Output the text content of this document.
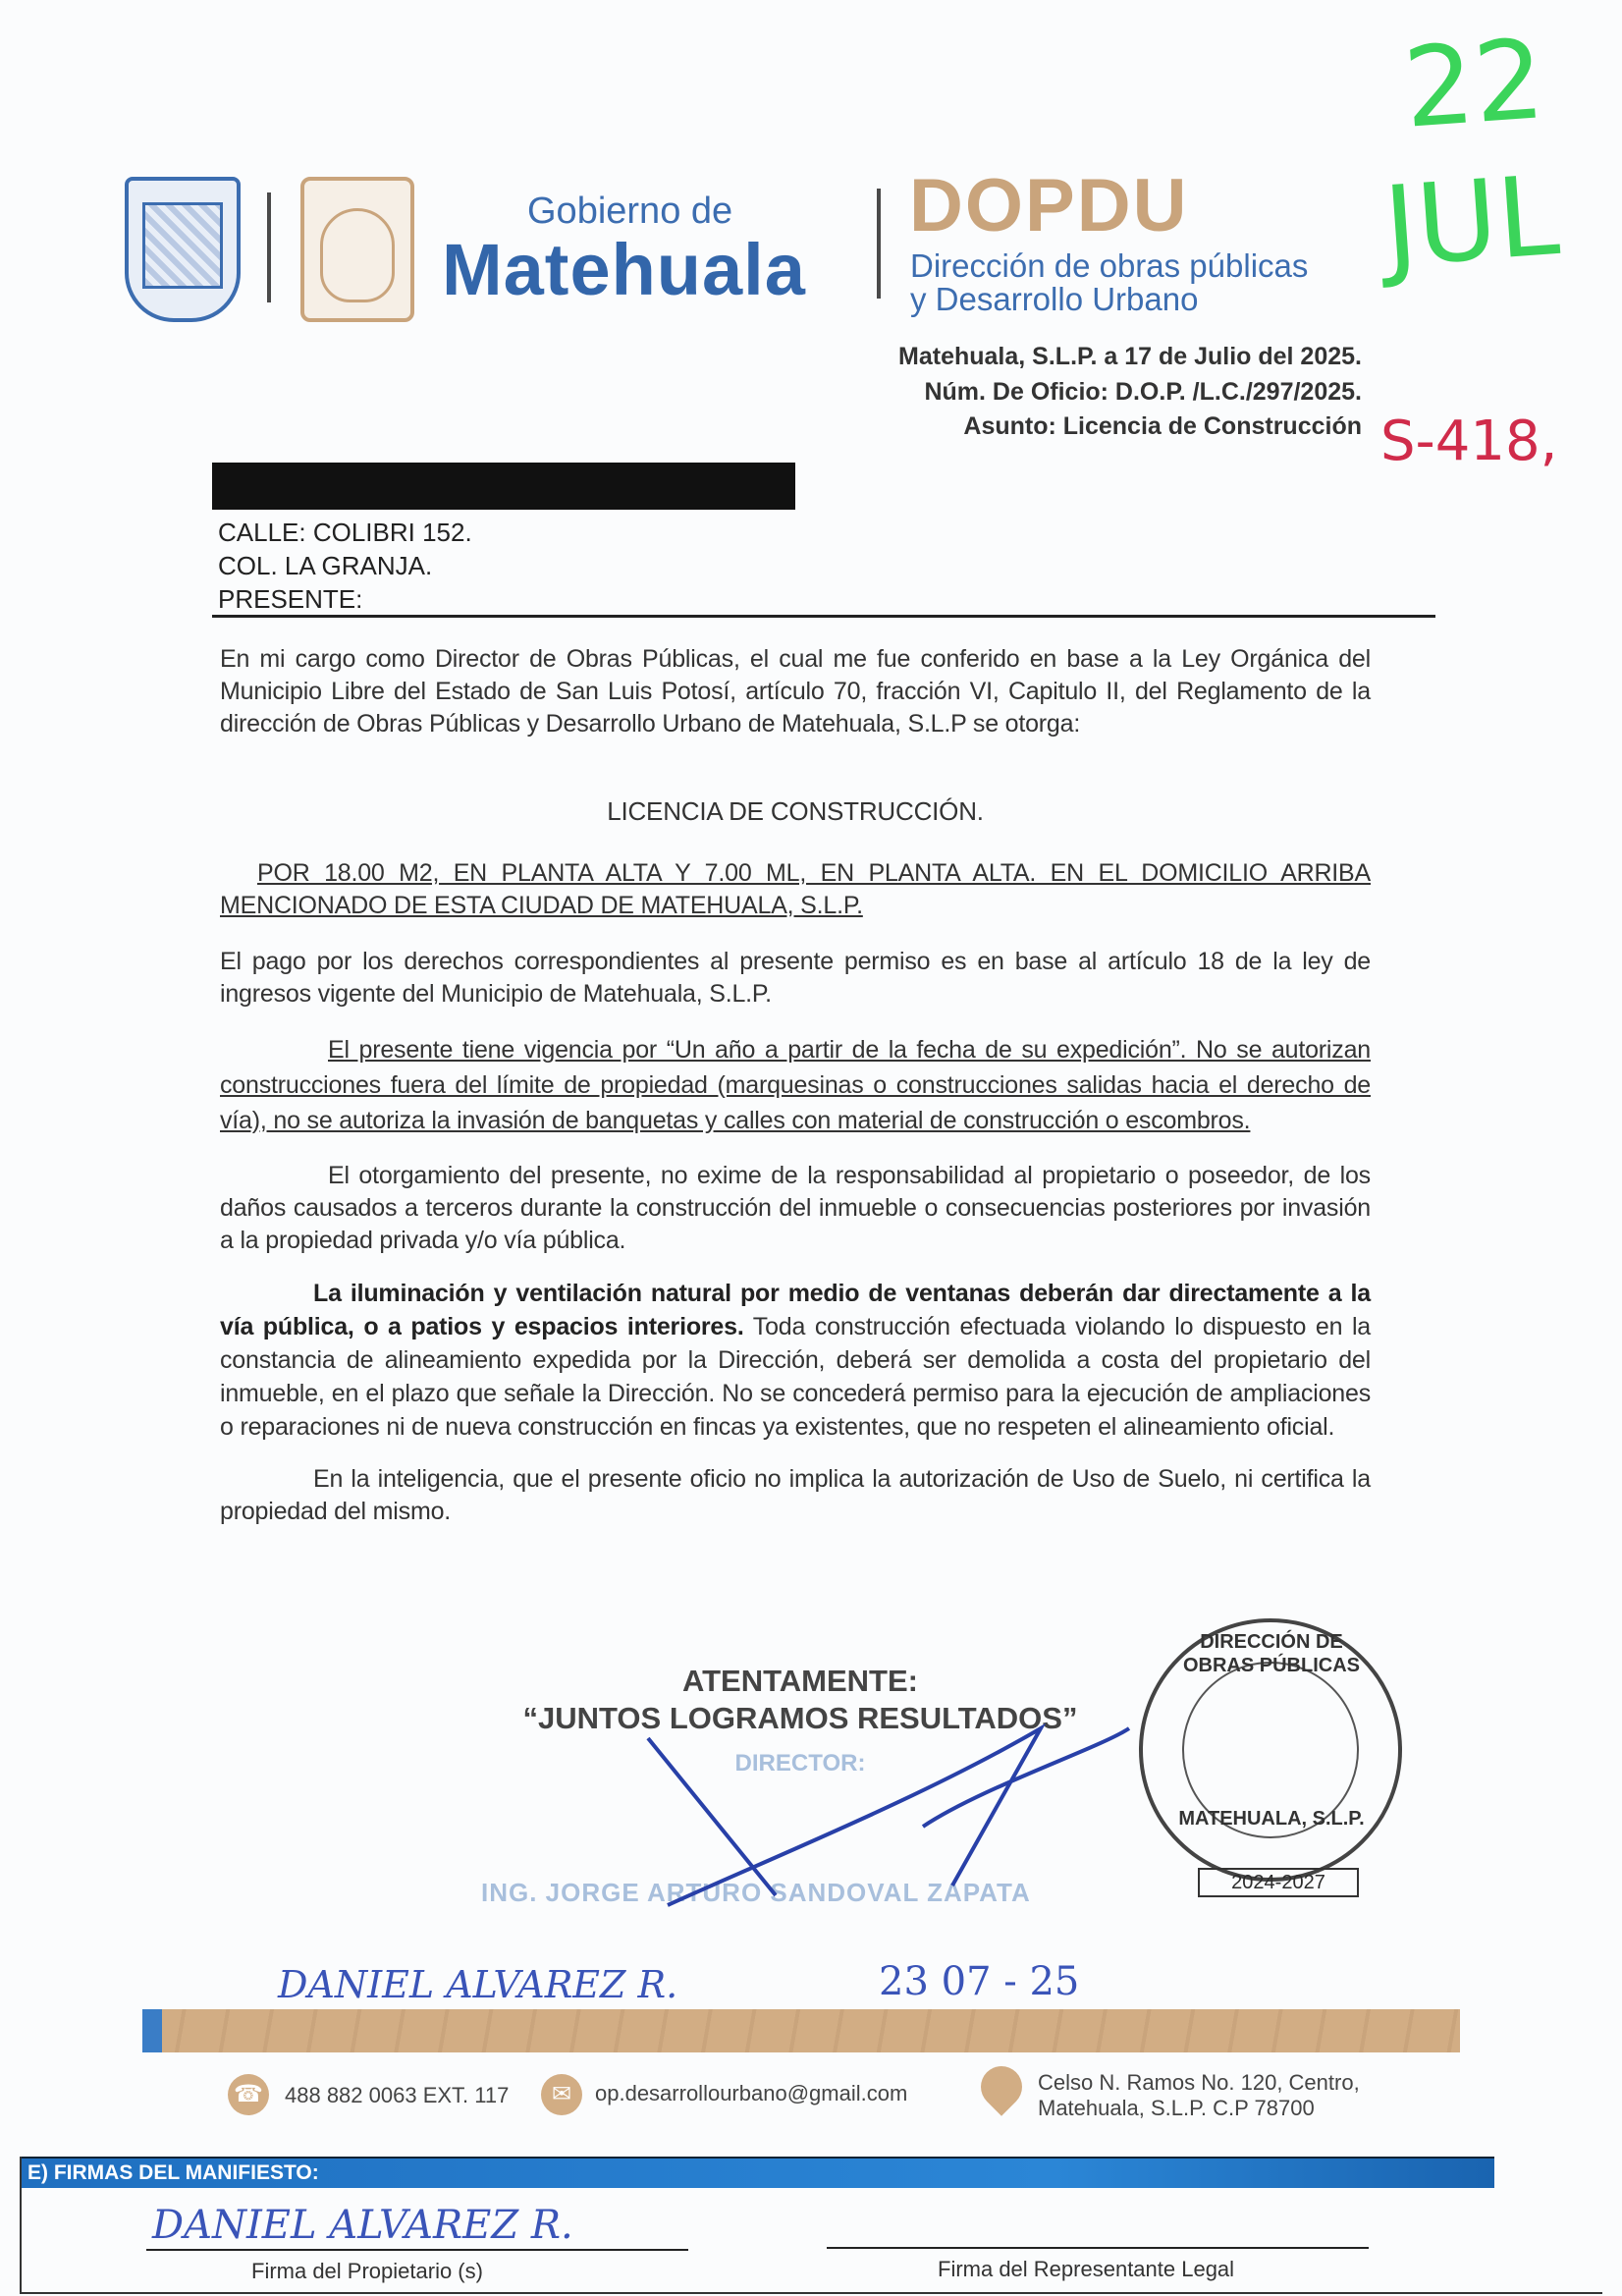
22
JUL
Gobierno de
Matehuala
DOPDU
Dirección de obras públicas
y Desarrollo Urbano
Matehuala, S.L.P. a 17 de Julio del 2025.
Núm. De Oficio: D.O.P. /L.C./297/2025.
Asunto: Licencia de Construcción S-418,
CALLE: COLIBRI 152.
COL. LA GRANJA.
PRESENTE:
En mi cargo como Director de Obras Públicas, el cual me fue conferido en base a la Ley Orgánica del Municipio Libre del Estado de San Luis Potosí, artículo 70, fracción VI, Capitulo II, del Reglamento de la dirección de Obras Públicas y Desarrollo Urbano de Matehuala, S.L.P se otorga:
LICENCIA DE CONSTRUCCIÓN.
POR 18.00 M2, EN PLANTA ALTA Y 7.00 ML, EN PLANTA ALTA. EN EL DOMICILIO ARRIBA MENCIONADO DE ESTA CIUDAD DE MATEHUALA, S.L.P.
El pago por los derechos correspondientes al presente permiso es en base al artículo 18 de la ley de ingresos vigente del Municipio de Matehuala, S.L.P.
El presente tiene vigencia por “Un año a partir de la fecha de su expedición”. No se autorizan construcciones fuera del límite de propiedad (marquesinas o construcciones salidas hacia el derecho de vía), no se autoriza la invasión de banquetas y calles con material de construcción o escombros.
El otorgamiento del presente, no exime de la responsabilidad al propietario o poseedor, de los daños causados a terceros durante la construcción del inmueble o consecuencias posteriores por invasión a la propiedad privada y/o vía pública.
La iluminación y ventilación natural por medio de ventanas deberán dar directamente a la vía pública, o a patios y espacios interiores. Toda construcción efectuada violando lo dispuesto en la constancia de alineamiento expedida por la Dirección, deberá ser demolida a costa del propietario del inmueble, en el plazo que señale la Dirección. No se concederá permiso para la ejecución de ampliaciones o reparaciones ni de nueva construcción en fincas ya existentes, que no respeten el alineamiento oficial.
En la inteligencia, que el presente oficio no implica la autorización de Uso de Suelo, ni certifica la propiedad del mismo.
ATENTAMENTE:
“JUNTOS LOGRAMOS RESULTADOS”
DIRECTOR:
ING. JORGE ARTURO SANDOVAL ZAPATA
DIRECCIÓN DE OBRAS PÚBLICAS
MATEHUALA, S.L.P.
2024-2027
DANIEL ALVAREZ R.	23 07 - 25
☎ 488 882 0063 EXT. 117	✉	op.desarrollourbano@gmail.com	Celso N. Ramos No. 120, Centro,
Matehuala, S.L.P. C.P 78700
E) FIRMAS DEL MANIFIESTO:
DANIEL ALVAREZ R.
Firma del Propietario (s)	Firma del Representante Legal
